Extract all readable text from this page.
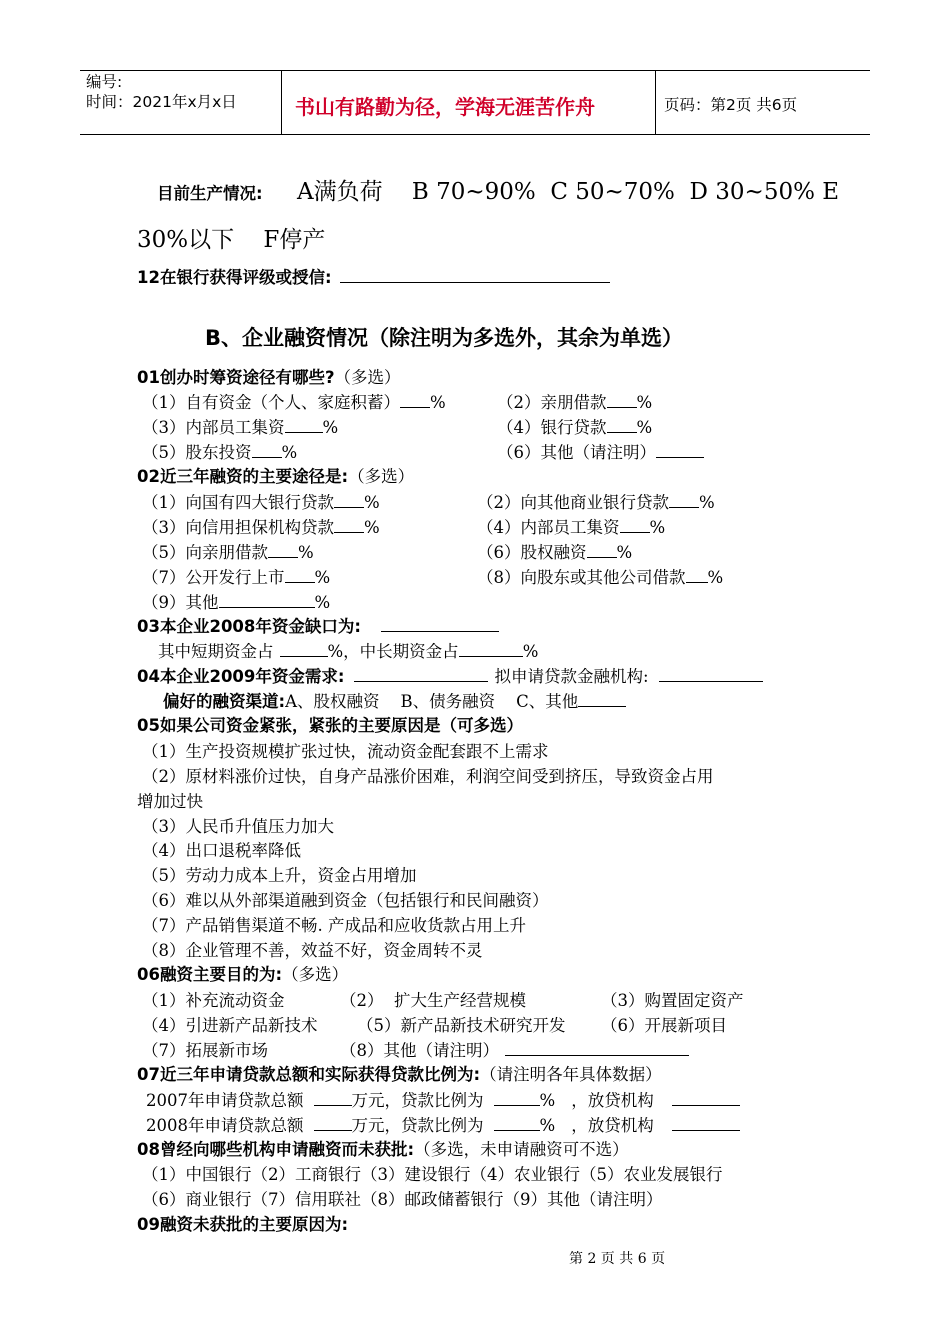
编号:
时间：2021年x月x日	书山有路勤为径，学海无涯苦作舟	页码：第2页 共6页
目前生产情况: A满负荷    B 70~90%  C 50~70%  D 30~50% E
30%以下    F停产
12在银行获得评级或授信:
B、企业融资情况（除注明为多选外，其余为单选）
01创办时筹资途径有哪些?（多选）
（1）自有资金（个人、家庭积蓄） %	（2）亲朋借款 %
（3）内部员工集资 %	（4）银行贷款 %
（5）股东投资 %	（6）其他（请注明）
02近三年融资的主要途径是:（多选）
（1）向国有四大银行贷款 %	（2）向其他商业银行贷款 %
（3）向信用担保机构贷款 %	（4）内部员工集资 %
（5）向亲朋借款 %	（6）股权融资 %
（7）公开发行上市 %	（8）向股东或其他公司借款 %
（9）其他	%
03本企业2008年资金缺口为:
其中短期资金占	%，中长期资金占	%
04本企业2009年资金需求:	拟申请贷款金融机构:
偏好的融资渠道:A、股权融资    B、债务融资    C、其他
05如果公司资金紧张，紧张的主要原因是（可多选）
（1）生产投资规模扩张过快，流动资金配套跟不上需求
（2）原材料涨价过快，自身产品涨价困难，利润空间受到挤压，导致资金占用
增加过快
（3）人民币升值压力加大
（4）出口退税率降低
（5）劳动力成本上升，资金占用增加
（6）难以从外部渠道融到资金（包括银行和民间融资）
（7）产品销售渠道不畅. 产成品和应收货款占用上升
（8）企业管理不善，效益不好，资金周转不灵
06融资主要目的为:（多选）
（1）补充流动资金	（2）  扩大生产经营规模	（3）购置固定资产
（4）引进新产品新技术 （5）新产品新技术研究开发 （6）开展新项目
（7）拓展新市场	（8）其他（请注明）
07近三年申请贷款总额和实际获得贷款比例为:（请注明各年具体数据）
2007年申请贷款总额	万元，贷款比例为	% ，放贷机构
2008年申请贷款总额	万元，贷款比例为	% ，放贷机构
08曾经向哪些机构申请融资而未获批:（多选，未申请融资可不选）
（1）中国银行（2）工商银行（3）建设银行（4）农业银行（5）农业发展银行
（6）商业银行（7）信用联社（8）邮政储蓄银行（9）其他（请注明）
09融资未获批的主要原因为:
第 2 页 共 6 页
